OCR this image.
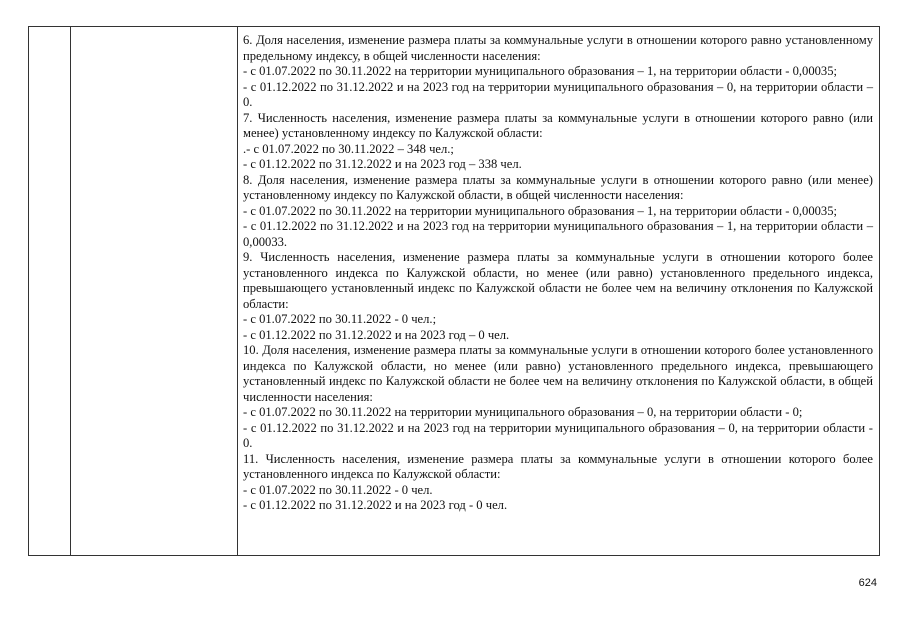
6. Доля населения, изменение размера платы за коммунальные услуги в отношении которого равно установленному предельному индексу, в общей численности населения:

- с 01.07.2022 по 30.11.2022 на территории муниципального образования – 1, на территории области - 0,00035;

- с 01.12.2022 по 31.12.2022 и на 2023 год на территории муниципального образования – 0, на территории области – 0.

7. Численность населения, изменение размера платы за коммунальные услуги в отношении которого равно (или менее) установленному индексу по Калужской области:

.- с 01.07.2022 по 30.11.2022 – 348 чел.;

- с 01.12.2022 по 31.12.2022 и на 2023 год – 338 чел.

8. Доля населения, изменение размера платы за коммунальные услуги в отношении которого равно (или менее) установленному индексу по Калужской области, в общей численности населения:

- с 01.07.2022 по 30.11.2022 на территории муниципального образования – 1, на территории области - 0,00035;

- с 01.12.2022 по 31.12.2022 и на 2023 год на территории муниципального образования – 1, на территории области – 0,00033.

9. Численность населения, изменение размера платы за коммунальные услуги в отношении которого более установленного индекса по Калужской области, но менее (или равно) установленного предельного индекса, превышающего установленный индекс по Калужской области не более чем на величину отклонения по Калужской области:

- с 01.07.2022 по 30.11.2022 - 0 чел.;

- с 01.12.2022 по 31.12.2022 и на 2023 год – 0 чел.

10. Доля населения, изменение размера платы за коммунальные услуги в отношении которого более установленного индекса по Калужской области, но менее (или равно) установленного предельного индекса, превышающего установленный индекс по Калужской области не более чем на величину отклонения по Калужской области, в общей численности населения:

- с 01.07.2022 по 30.11.2022 на территории муниципального образования – 0, на территории области - 0;

- с 01.12.2022 по 31.12.2022 и на 2023 год на территории муниципального образования – 0, на территории области - 0.

11. Численность населения, изменение размера платы за коммунальные услуги в отношении которого более установленного индекса по Калужской области:

- с 01.07.2022 по 30.11.2022 - 0 чел.

- с 01.12.2022 по 31.12.2022 и на 2023 год - 0 чел.

624
